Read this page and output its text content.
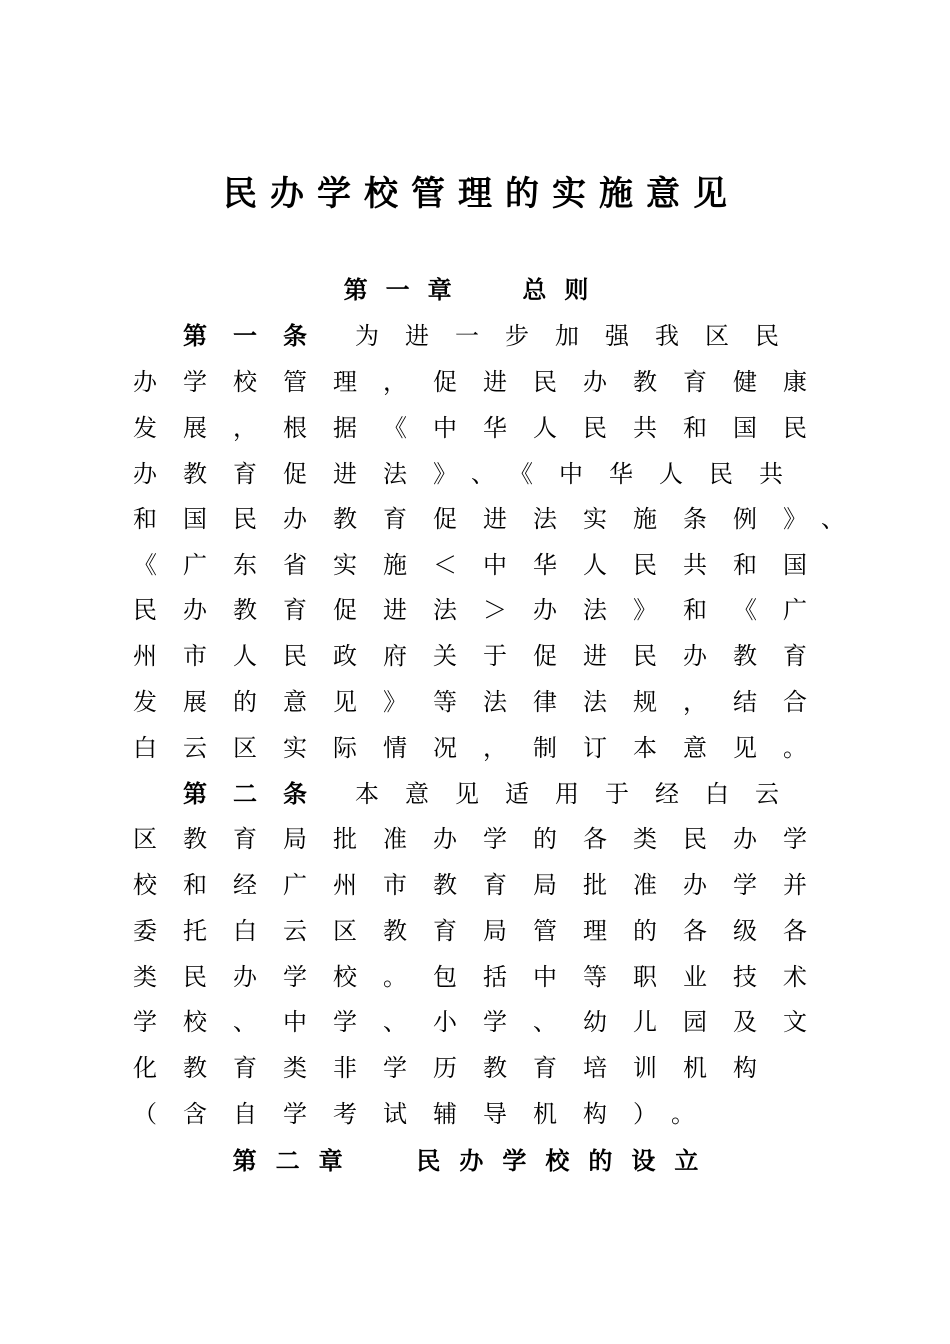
民办学校管理的实施意见
第一章  总则
第一条 为进一步加强我区民
办学校管理，促进民办教育健康
发展，根据《中华人民共和国民
办教育促进法》、《中华人民共
和国民办教育促进法实施条例》、
《广东省实施＜中华人民共和国
民办教育促进法＞办法》和《广
州市人民政府关于促进民办教育
发展的意见》等法律法规，结合
白云区实际情况，制订本意见。
第二条 本意见适用于经白云
区教育局批准办学的各类民办学
校和经广州市教育局批准办学并
委托白云区教育局管理的各级各
类民办学校。包括中等职业技术
学校、中学、小学、幼儿园及文
化教育类非学历教育培训机构
（含自学考试辅导机构）。
第二章  民办学校的设立
